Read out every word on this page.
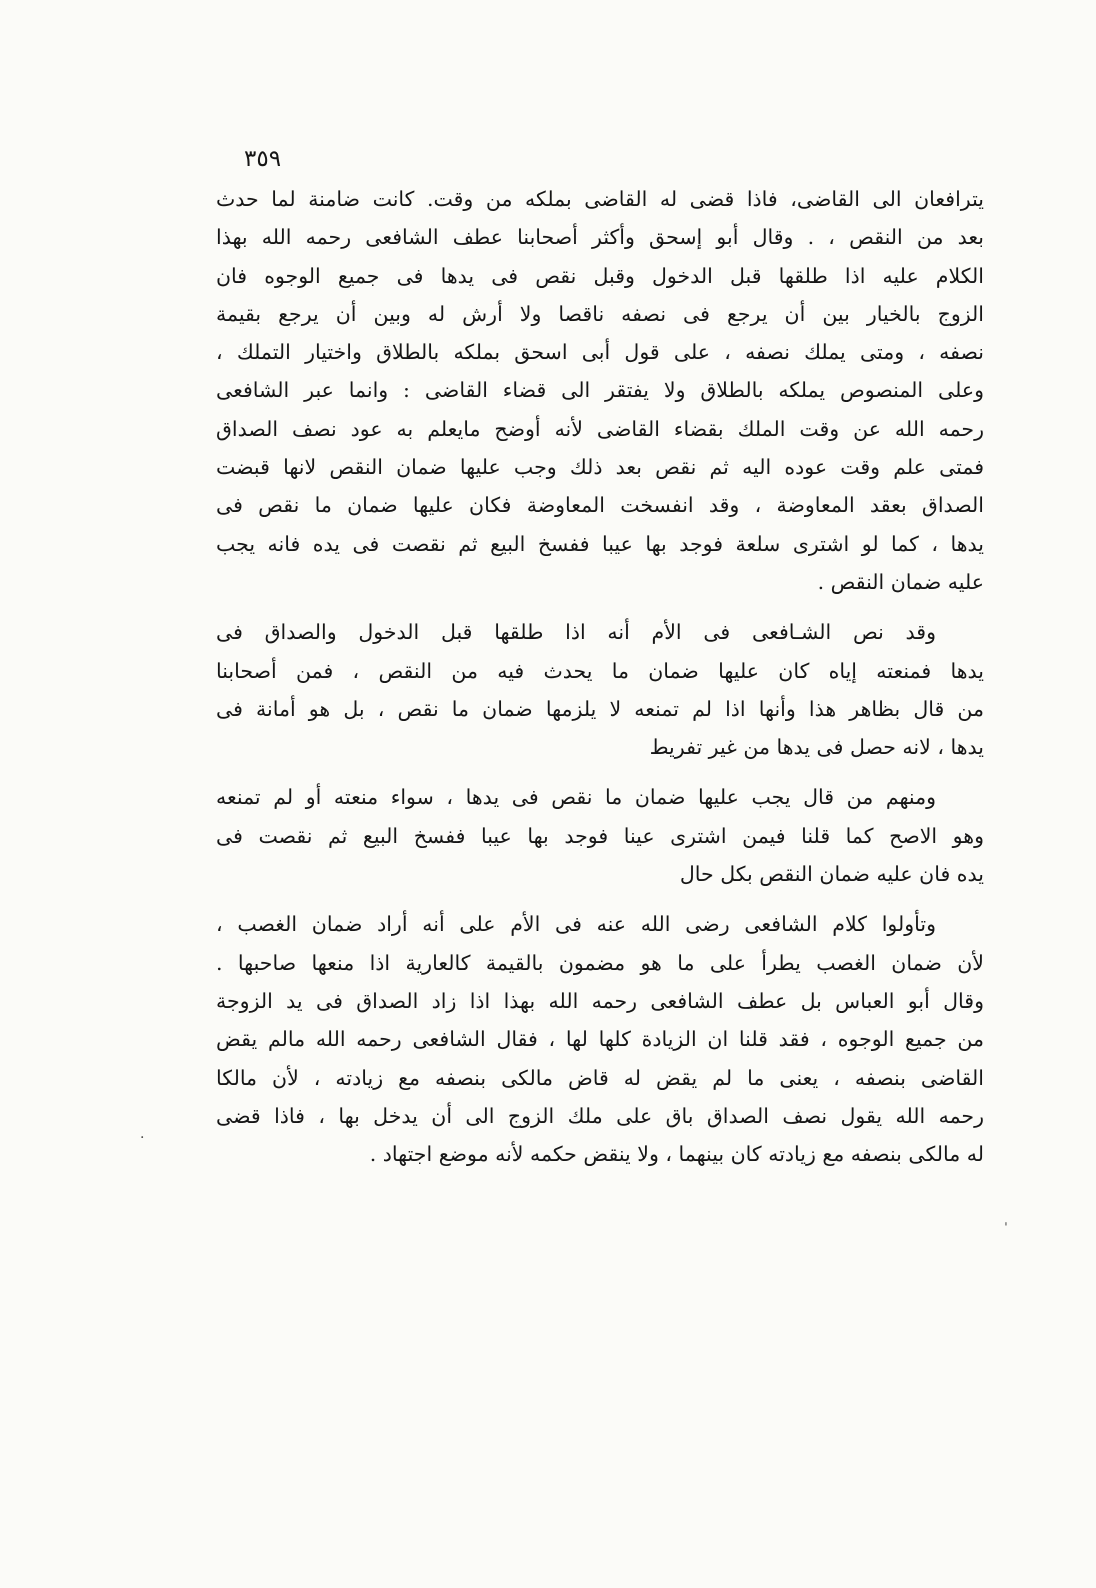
٣٥٩
يترافعان الى القاضى، فاذا قضى له القاضى بملكه من وقت. كانت ضامنة لما حدث
بعد من النقص ، . وقال أبو إسحق وأكثر أصحابنا عطف الشافعى رحمه الله بهذا
الكلام عليه اذا طلقها قبل الدخول وقبل نقص فى يدها فى جميع الوجوه فان
الزوج بالخيار بين أن يرجع فى نصفه ناقصا ولا أرش له وبين أن يرجع بقيمة
نصفه ، ومتى يملك نصفه ، على قول أبى اسحق بملكه بالطلاق واختيار التملك ،
وعلى المنصوص يملكه بالطلاق ولا يفتقر الى قضاء القاضى : وانما عبر الشافعى
رحمه الله عن وقت الملك بقضاء القاضى لأنه أوضح مايعلم به عود نصف الصداق
فمتى علم وقت عوده اليه ثم نقص بعد ذلك وجب عليها ضمان النقص لانها قبضت
الصداق بعقد المعاوضة ، وقد انفسخت المعاوضة فكان عليها ضمان ما نقص فى
يدها ، كما لو اشترى سلعة فوجد بها عيبا ففسخ البيع ثم نقصت فى يده فانه يجب
عليه ضمان النقص .
وقد نص الشـافعى فى الأم أنه اذا طلقها قبل الدخول والصداق فى
يدها فمنعته إياه كان عليها ضمان ما يحدث فيه من النقص ، فمن أصحابنا
من قال بظاهر هذا وأنها اذا لم تمنعه لا يلزمها ضمان ما نقص ، بل هو أمانة فى
يدها ، لانه حصل فى يدها من غير تفريط
ومنهم من قال يجب عليها ضمان ما نقص فى يدها ، سواء منعته أو لم تمنعه
وهو الاصح كما قلنا فيمن اشترى عينا فوجد بها عيبا ففسخ البيع ثم نقصت فى
يده فان عليه ضمان النقص بكل حال
وتأولوا كلام الشافعى رضى الله عنه فى الأم على أنه أراد ضمان الغصب ،
لأن ضمان الغصب يطرأ على ما هو مضمون بالقيمة كالعارية اذا منعها صاحبها .
وقال أبو العباس بل عطف الشافعى رحمه الله بهذا اذا زاد الصداق فى يد الزوجة
من جميع الوجوه ، فقد قلنا ان الزيادة كلها لها ، فقال الشافعى رحمه الله مالم يقض
القاضى بنصفه ، يعنى ما لم يقض له قاض مالكى بنصفه مع زيادته ، لأن مالكا
رحمه الله يقول نصف الصداق باق على ملك الزوج الى أن يدخل بها ، فاذا قضى
له مالكى بنصفه مع زيادته كان بينهما ، ولا ينقض حكمه لأنه موضع اجتهاد .
·
ˌ
